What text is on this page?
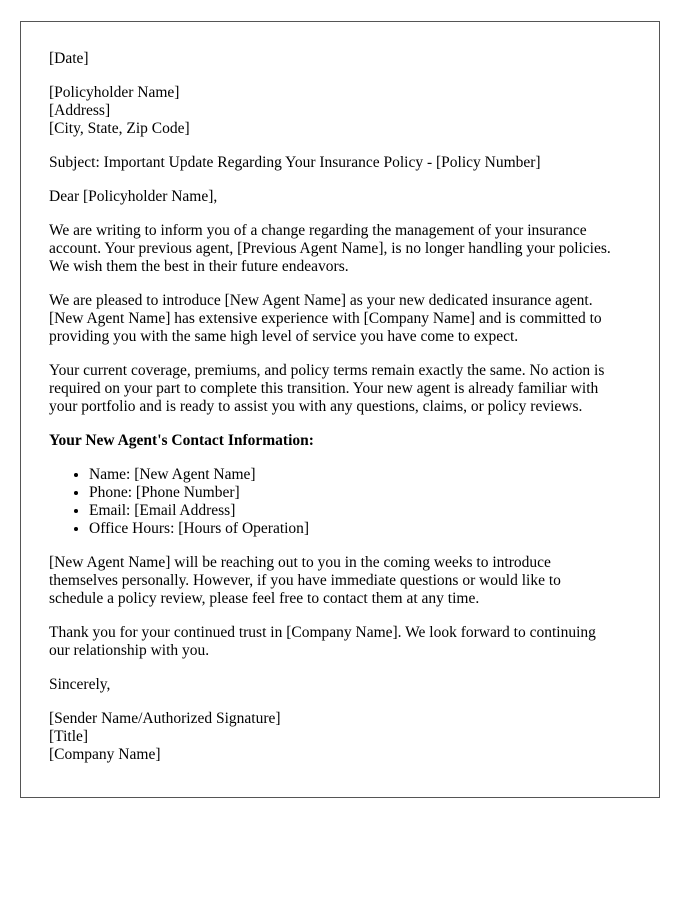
[Date]

[Policyholder Name]
[Address]
[City, State, Zip Code]

Subject: Important Update Regarding Your Insurance Policy - [Policy Number]

Dear [Policyholder Name],

We are writing to inform you of a change regarding the management of your insurance
account. Your previous agent, [Previous Agent Name], is no longer handling your policies.
We wish them the best in their future endeavors.

We are pleased to introduce [New Agent Name] as your new dedicated insurance agent.
[New Agent Name] has extensive experience with [Company Name] and is committed to
providing you with the same high level of service you have come to expect.

Your current coverage, premiums, and policy terms remain exactly the same. No action is
required on your part to complete this transition. Your new agent is already familiar with
your portfolio and is ready to assist you with any questions, claims, or policy reviews.

Your New Agent's Contact Information:
• Name: [New Agent Name]
• Phone: [Phone Number]
• Email: [Email Address]
• Office Hours: [Hours of Operation]

[New Agent Name] will be reaching out to you in the coming weeks to introduce
themselves personally. However, if you have immediate questions or would like to
schedule a policy review, please feel free to contact them at any time.

Thank you for your continued trust in [Company Name]. We look forward to continuing
our relationship with you.

Sincerely,

[Sender Name/Authorized Signature]
[Title]
[Company Name]
